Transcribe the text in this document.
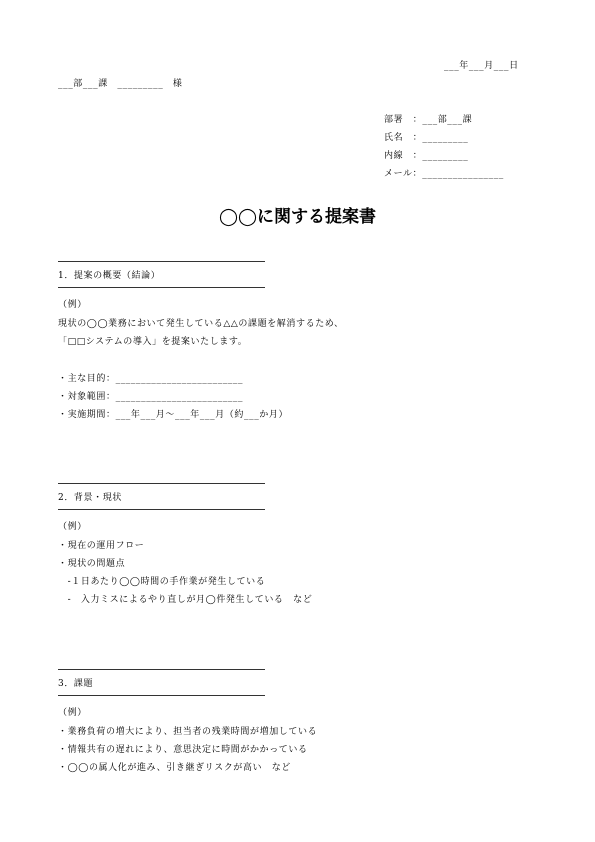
___年___月___日
___部___課　_________　様
部署　：___部___課
氏名　：_________
内線　：_________
メール：________________
◯◯に関する提案書
1．提案の概要（結論）
（例）
現状の◯◯業務において発生している△△の課題を解消するため、
「□□システムの導入」を提案いたします。
・主な目的：_________________________
・対象範囲：_________________________
・実施期間：___年___月～___年___月（約___か月）
2．背景・現状
（例）
・現在の運用フロー
・現状の問題点
　-１日あたり◯◯時間の手作業が発生している
　-　入力ミスによるやり直しが月◯件発生している　など
3．課題
（例）
・業務負荷の増大により、担当者の残業時間が増加している
・情報共有の遅れにより、意思決定に時間がかかっている
・◯◯の属人化が進み、引き継ぎリスクが高い　など
